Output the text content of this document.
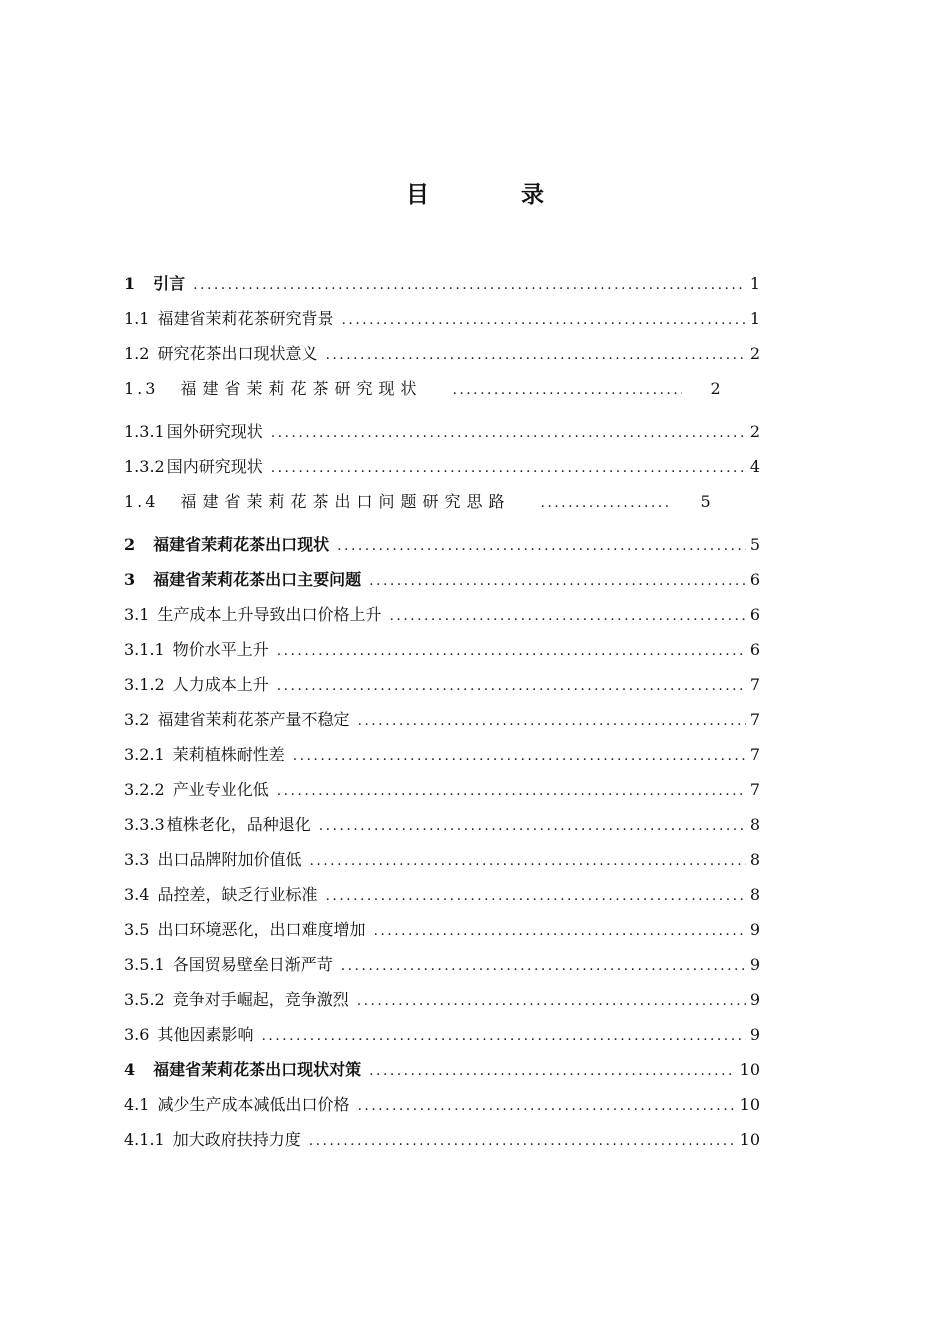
目	录
1 引言 . . .	1
1.1 福建省茉莉花茶研究背景 . . .	1
1.2 研究花茶出口现状意义 . . .	2
1.3 福建省茉莉花茶研究现状 . . .	2
1.3.1 国外研究现状 . . .	2
1.3.2 国内研究现状 . . .	4
1.4 福建省茉莉花茶出口问题研究思路 . . .	5
2 福建省茉莉花茶出口现状 . . .	5
3 福建省茉莉花茶出口主要问题 . . .	6
3.1 生产成本上升导致出口价格上升 . . .	6
3.1.1 物价水平上升 . . .	6
3.1.2 人力成本上升 . . .	7
3.2 福建省茉莉花茶产量不稳定 . . .	7
3.2.1 茉莉植株耐性差 . . .	7
3.2.2 产业专业化低 . . .	7
3.3.3 植株老化，品种退化 . . .	8
3.3 出口品牌附加价值低 . . .	8
3.4 品控差，缺乏行业标准 . . .	8
3.5 出口环境恶化，出口难度增加 . . .	9
3.5.1 各国贸易壁垒日渐严苛 . . .	9
3.5.2 竞争对手崛起，竞争激烈 . . .	9
3.6 其他因素影响 . . .	9
4 福建省茉莉花茶出口现状对策 . . .	10
4.1 减少生产成本减低出口价格 . . .	10
4.1.1 加大政府扶持力度 . . .	10
